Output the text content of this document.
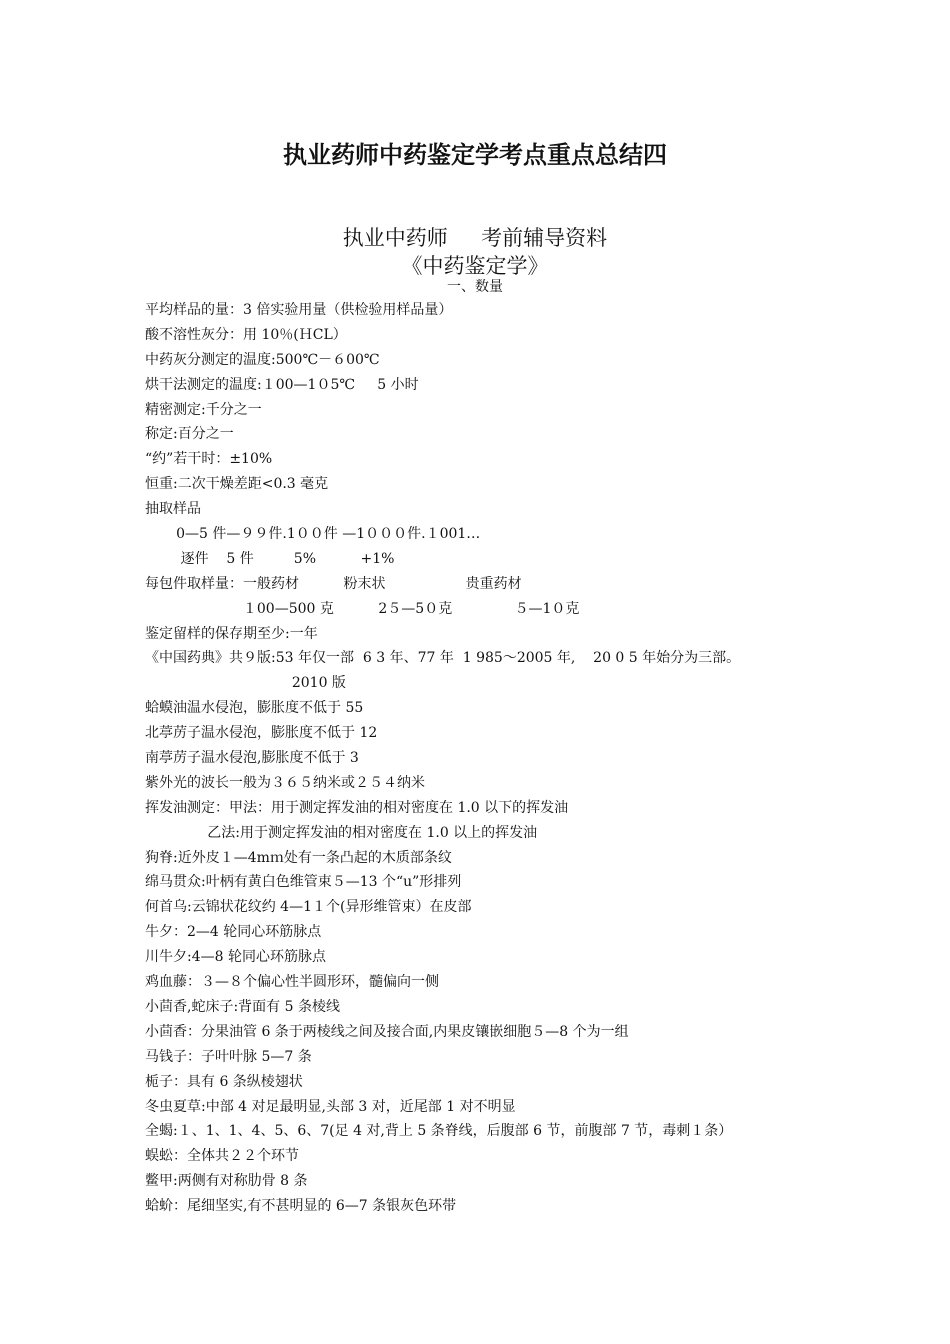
执业药师中药鉴定学考点重点总结四
执业中药师     考前辅导资料
《中药鉴定学》
一、数量
平均样品的量：3 倍实验用量（供检验用样品量）
酸不溶性灰分：用 10％(ＨCL）
中药灰分测定的温度:500℃－６00℃
烘干法测定的温度:１00—1０5℃     5 小时
精密测定:千分之一
称定:百分之一
“约”若干时：±10%
恒重:二次干燥差距<0.3 毫克
抽取样品
0—5 件—９９件.1００件 —1０００件.１001…
逐件    5 件         5%          +1%
每包件取样量：一般药材          粉末状                  贵重药材
１00—500 克          2５—5０克              ５—1０克
鉴定留样的保存期至少:一年
《中国药典》共９版:53 年仅一部  6 3 年、77 年  1 985～2005 年,    20 0 5 年始分为三部。
2010 版
蛤蟆油温水侵泡，膨胀度不低于 55
北葶苈子温水侵泡，膨胀度不低于 12
南葶苈子温水侵泡,膨胀度不低于 3
紫外光的波长一般为３６５纳米或２５４纳米
挥发油测定：甲法：用于测定挥发油的相对密度在 1.0 以下的挥发油
乙法:用于测定挥发油的相对密度在 1.0 以上的挥发油
狗脊:近外皮１—4mｍ处有一条凸起的木质部条纹
绵马贯众:叶柄有黄白色维管束５—13 个“u”形排列
何首乌:云锦状花纹约 4—1１个(异形维管束）在皮部
牛夕：2—4 轮同心环筋脉点
川牛夕:4—8 轮同心环筋脉点
鸡血藤：３—８个偏心性半圆形环，髓偏向一侧
小茴香,蛇床子:背面有 5 条棱线
小茴香：分果油管 6 条于两棱线之间及接合面,内果皮镶嵌细胞５—8 个为一组
马钱子：子叶叶脉 5—7 条
栀子：具有 6 条纵棱翅状
冬虫夏草:中部 4 对足最明显,头部 3 对，近尾部 1 对不明显
全蝎:１、1、1、4、5、6、7(足 4 对,背上 5 条脊线，后腹部 6 节，前腹部 7 节，毒刺１条）
蜈蚣：全体共２２个环节
鳖甲:两侧有对称肋骨 8 条
蛤蚧：尾细坚实,有不甚明显的 6—7 条银灰色环带
